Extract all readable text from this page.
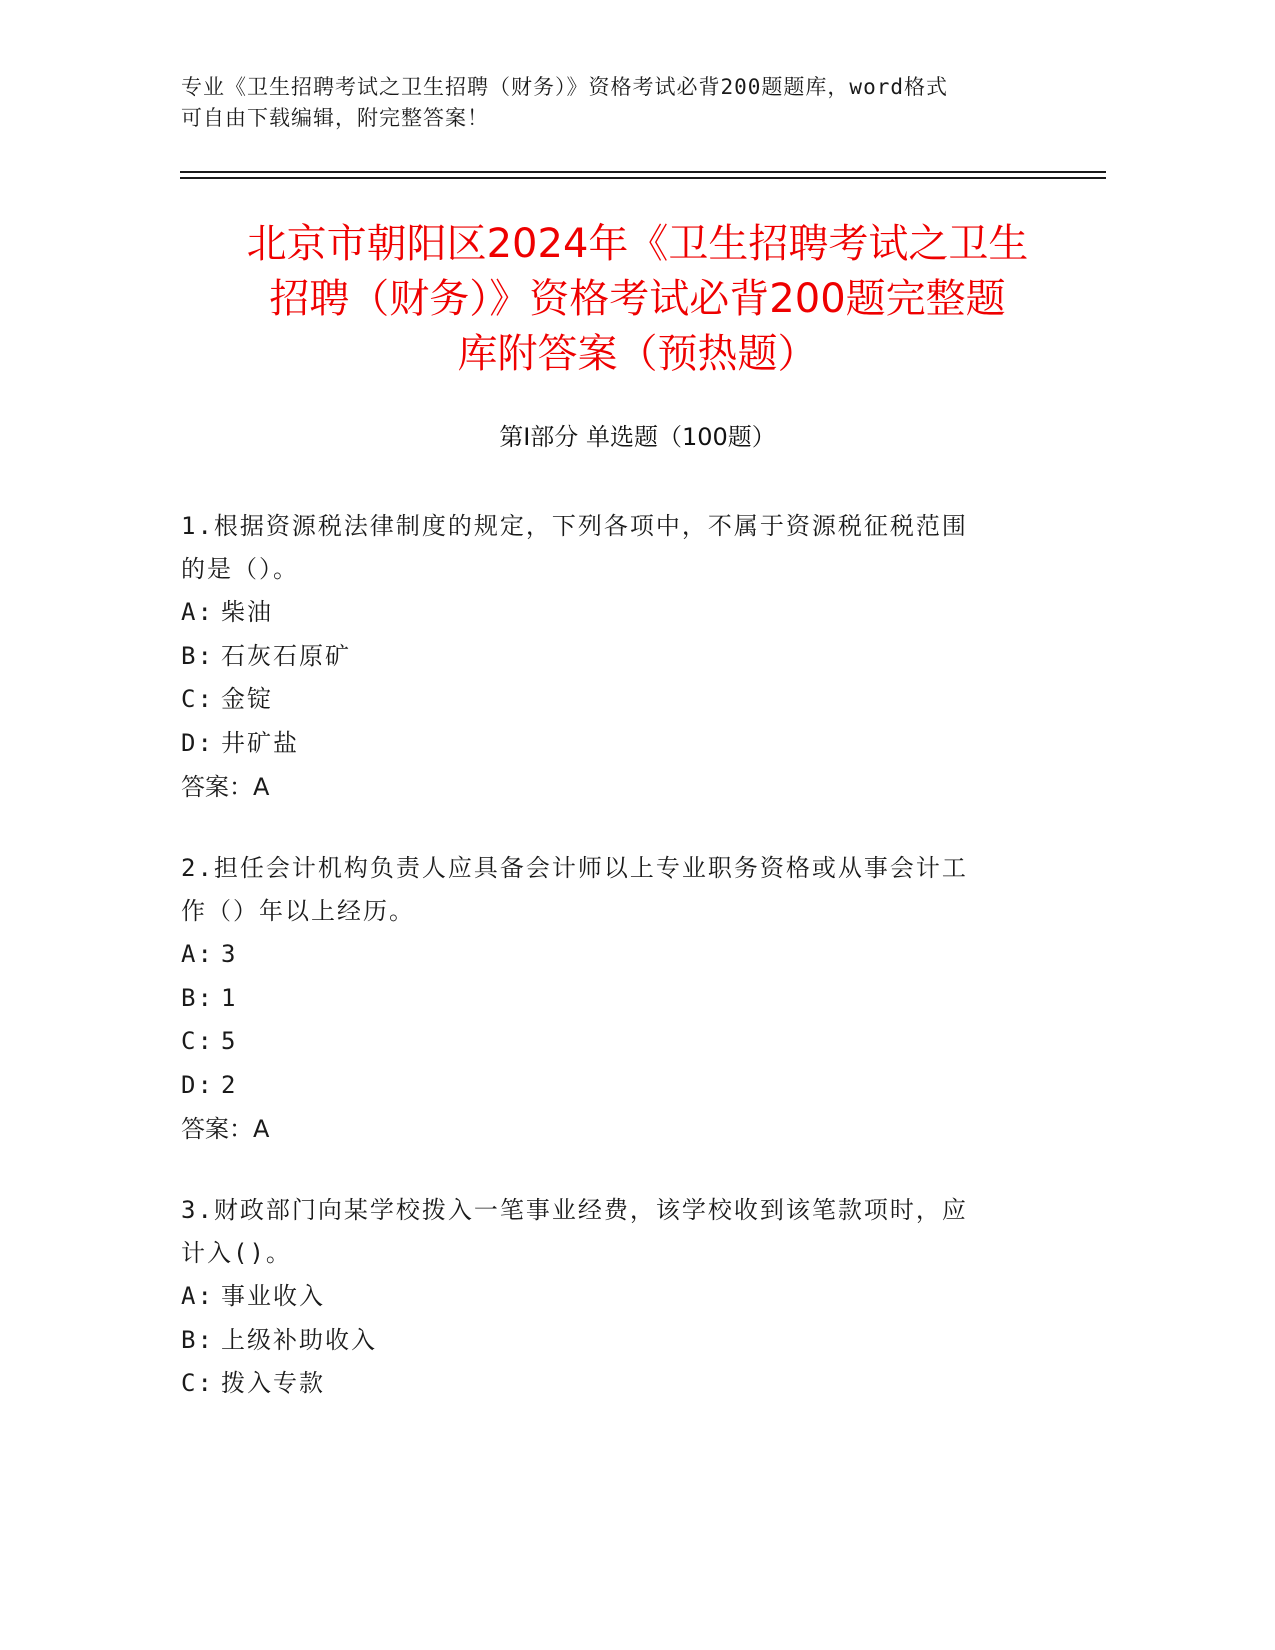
专业《卫生招聘考试之卫生招聘（财务）》资格考试必背200题题库，word格式
可自由下载编辑，附完整答案！
北京市朝阳区2024年《卫生招聘考试之卫生
招聘（财务）》资格考试必背200题完整题
库附答案（预热题）
第Ⅰ部分 单选题（100题）
1.根据资源税法律制度的规定，下列各项中，不属于资源税征税范围
的是（）。
A: 柴油
B: 石灰石原矿
C: 金锭
D: 井矿盐
答案：A
2.担任会计机构负责人应具备会计师以上专业职务资格或从事会计工
作（）年以上经历。
A: 3
B: 1
C: 5
D: 2
答案：A
3.财政部门向某学校拨入一笔事业经费，该学校收到该笔款项时，应
计入()。
A: 事业收入
B: 上级补助收入
C: 拨入专款
